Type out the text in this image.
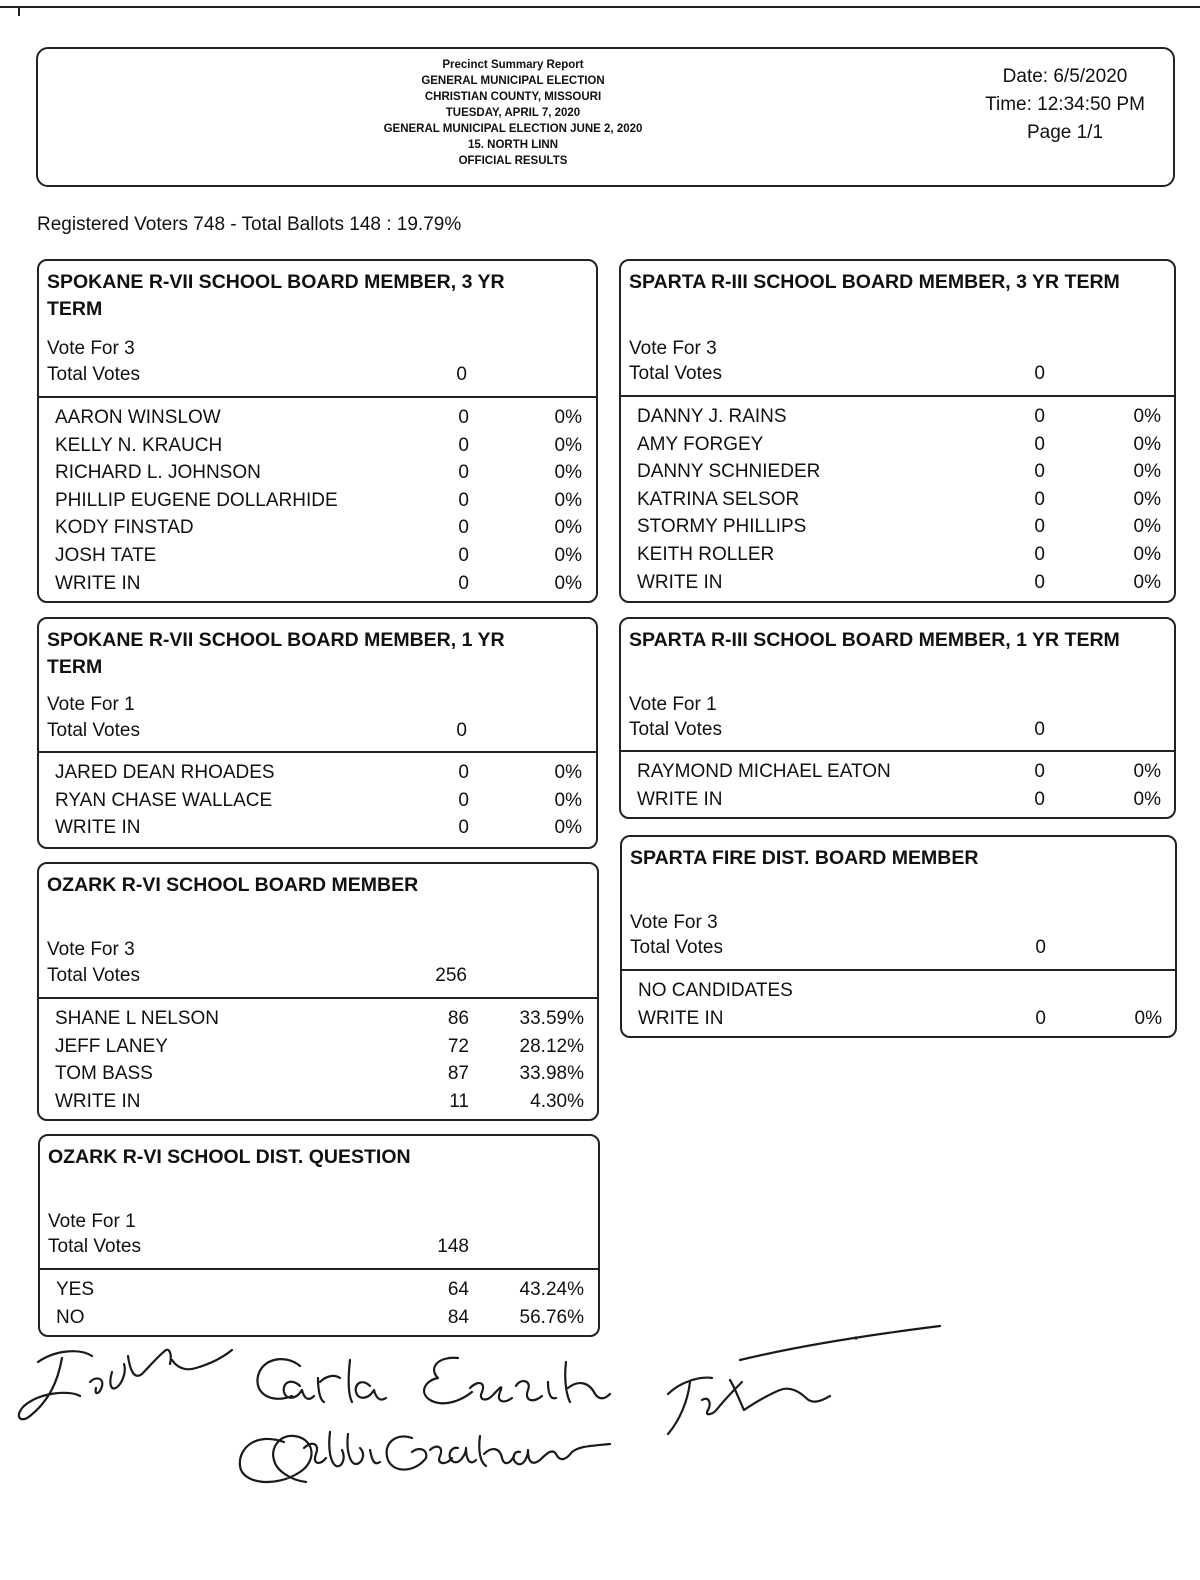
Precinct Summary Report
GENERAL MUNICIPAL ELECTION
CHRISTIAN COUNTY, MISSOURI
TUESDAY, APRIL 7, 2020
GENERAL MUNICIPAL ELECTION JUNE 2, 2020
15. NORTH LINN
OFFICIAL RESULTS
Date: 6/5/2020
Time: 12:34:50 PM
Page 1/1
Registered Voters 748 - Total Ballots 148 : 19.79%
SPOKANE R-VII SCHOOL BOARD MEMBER, 3 YR TERM
Vote For 3
Total Votes	0
AARON WINSLOW	0	0%
KELLY N. KRAUCH	0	0%
RICHARD L. JOHNSON	0	0%
PHILLIP EUGENE DOLLARHIDE	0	0%
KODY FINSTAD	0	0%
JOSH TATE	0	0%
WRITE IN	0	0%
SPARTA R-III SCHOOL BOARD MEMBER, 3 YR TERM
Vote For 3
Total Votes	0
DANNY J. RAINS	0	0%
AMY FORGEY	0	0%
DANNY SCHNIEDER	0	0%
KATRINA SELSOR	0	0%
STORMY PHILLIPS	0	0%
KEITH ROLLER	0	0%
WRITE IN	0	0%
SPOKANE R-VII SCHOOL BOARD MEMBER, 1 YR TERM
Vote For 1
Total Votes	0
JARED DEAN RHOADES	0	0%
RYAN CHASE WALLACE	0	0%
WRITE IN	0	0%
SPARTA R-III SCHOOL BOARD MEMBER, 1 YR TERM
Vote For 1
Total Votes	0
RAYMOND MICHAEL EATON	0	0%
WRITE IN	0	0%
OZARK R-VI SCHOOL BOARD MEMBER
Vote For 3
Total Votes	256
SHANE L NELSON	86	33.59%
JEFF LANEY	72	28.12%
TOM BASS	87	33.98%
WRITE IN	11	4.30%
SPARTA FIRE DIST. BOARD MEMBER
Vote For 3
Total Votes	0
NO CANDIDATES
WRITE IN	0	0%
OZARK R-VI SCHOOL DIST. QUESTION
Vote For 1
Total Votes	148
YES	64	43.24%
NO	84	56.76%
